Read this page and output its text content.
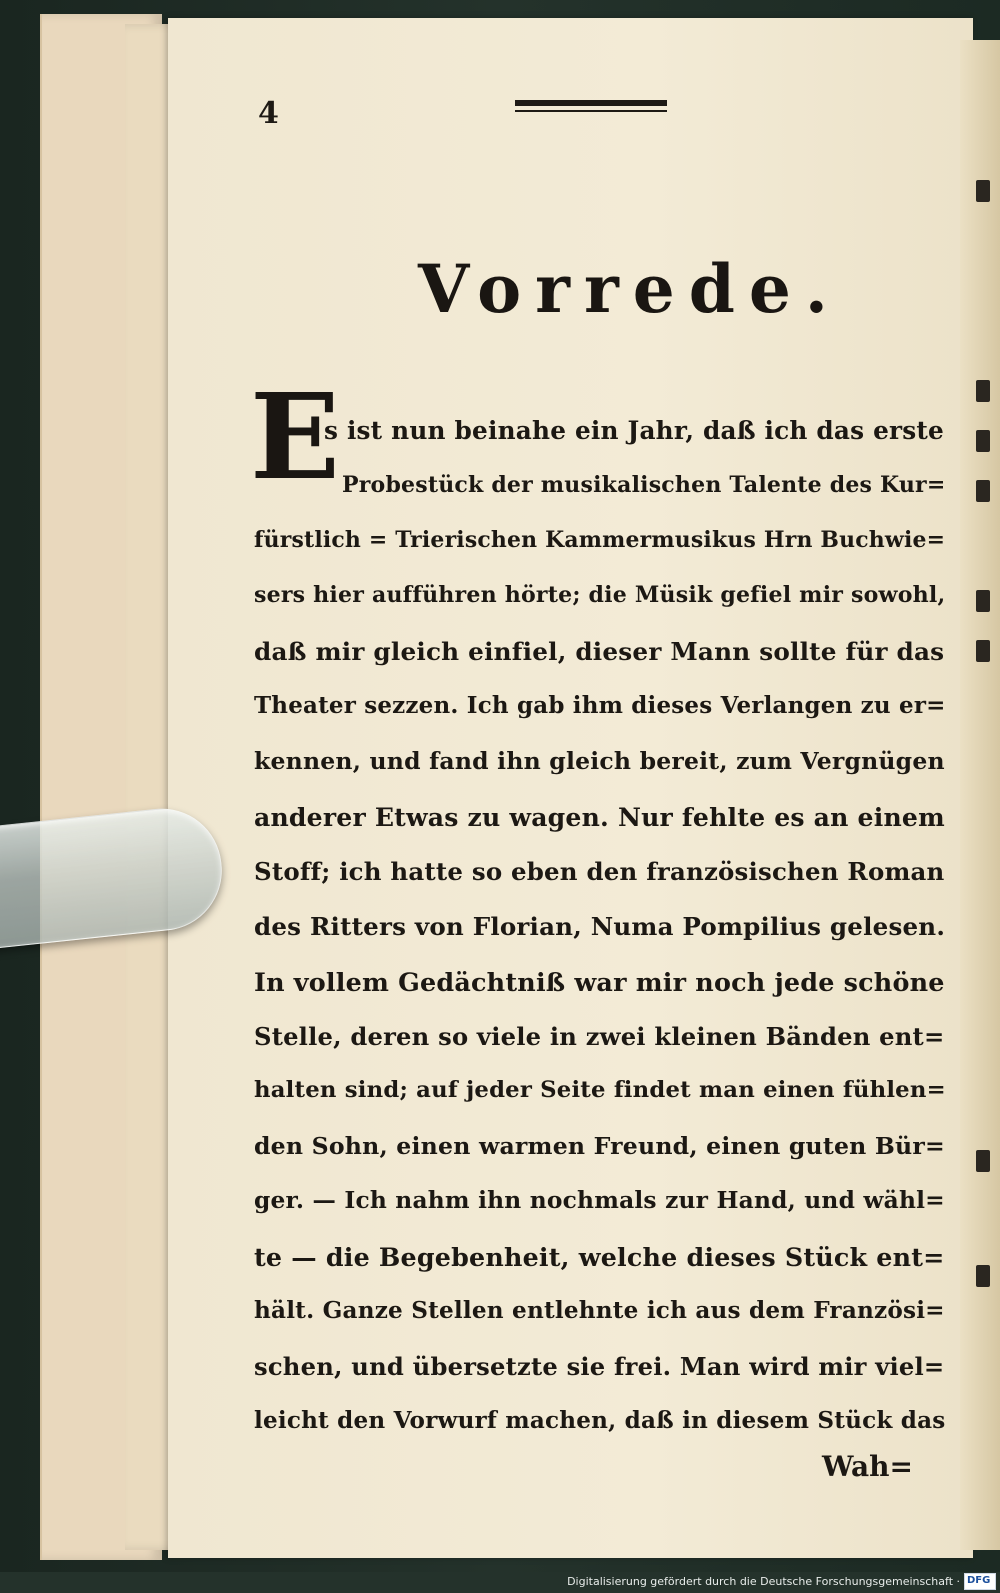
4
Vorrede.
E
s ist nun beinahe ein Jahr, daß ich das erste
Probestück der musikalischen Talente des Kur=
fürstlich = Trierischen Kammermusikus Hrn Buchwie=
sers hier aufführen hörte; die Müsik gefiel mir sowohl,
daß mir gleich einfiel, dieser Mann sollte für das
Theater sezzen. Ich gab ihm dieses Verlangen zu er=
kennen, und fand ihn gleich bereit, zum Vergnügen
anderer Etwas zu wagen. Nur fehlte es an einem
Stoff; ich hatte so eben den französischen Roman
des Ritters von Florian, Numa Pompilius gelesen.
In vollem Gedächtniß war mir noch jede schöne
Stelle, deren so viele in zwei kleinen Bänden ent=
halten sind; auf jeder Seite findet man einen fühlen=
den Sohn, einen warmen Freund, einen guten Bür=
ger. — Ich nahm ihn nochmals zur Hand, und wähl=
te — die Begebenheit, welche dieses Stück ent=
hält. Ganze Stellen entlehnte ich aus dem Französi=
schen, und übersetzte sie frei. Man wird mir viel=
leicht den Vorwurf machen, daß in diesem Stück das
Wah=
Digitalisierung gefördert durch die Deutsche Forschungsgemeinschaft · DFG
